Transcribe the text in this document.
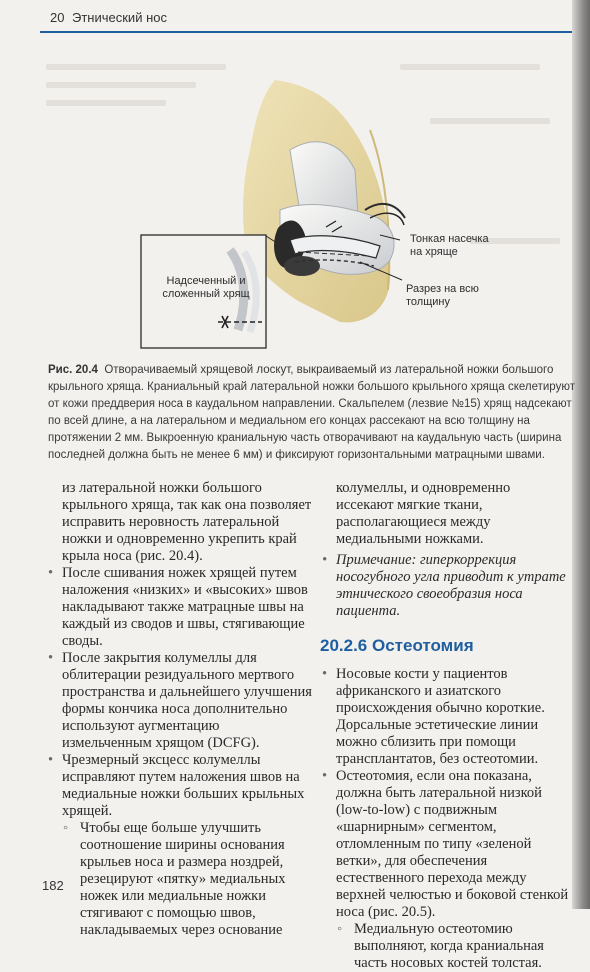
20 Этнический нос
Надсеченный и сложенный хрящ
Тонкая насечка на хряще
Разрез на всю толщину
Рис. 20.4 Отворачиваемый хрящевой лоскут, выкраиваемый из латеральной ножки большого крыльного хряща. Краниальный край латеральной ножки большого крыльного хряща скелетируют от кожи преддверия носа в каудальном направлении. Скальпелем (лезвие №15) хрящ надсекают по всей длине, а на латеральном и медиальном его концах рассекают на всю толщину на протяжении 2 мм. Выкроенную краниальную часть отворачивают на каудальную часть (ширина последней должна быть не менее 6 мм) и фиксируют горизонтальными матрацными швами.

из латеральной ножки большого крыльного хряща, так как она позволяет исправить неровность латеральной ножки и одновременно укрепить край крыла носа (рис. 20.4).

• После сшивания ножек хрящей путем наложения «низких» и «высоких» швов накладывают также матрацные швы на каждый из сводов и швы, стягивающие своды.

• После закрытия колумеллы для облитерации резидуального мертвого пространства и дальнейшего улучшения формы кончика носа дополнительно используют аугментацию измельченным хрящом (DCFG).

• Чрезмерный эксцесс колумеллы исправляют путем наложения швов на медиальные ножки больших крыльных хрящей.

◦ Чтобы еще больше улучшить соотношение ширины основания крыльев носа и размера ноздрей, резецируют «пятку» медиальных ножек или медиальные ножки стягивают с помощью швов, накладываемых через основание

колумеллы, и одновременно иссекают мягкие ткани, располагающиеся между медиальными ножками.

• Примечание: гиперкоррекция носогубного угла приводит к утрате этнического своеобразия носа пациента.

20.2.6 Остеотомия

• Носовые кости у пациентов африканского и азиатского происхождения обычно короткие. Дорсальные эстетические линии можно сблизить при помощи трансплантатов, без остеотомии.

• Остеотомия, если она показана, должна быть латеральной низкой (low-to-low) с подвижным «шарнирным» сегментом, отломленным по типу «зеленой ветки», для обеспечения естественного перехода между верхней челюстью и боковой стенкой носа (рис. 20.5).

◦ Медиальную остеотомию выполняют, когда краниальная часть носовых костей толстая.

182
